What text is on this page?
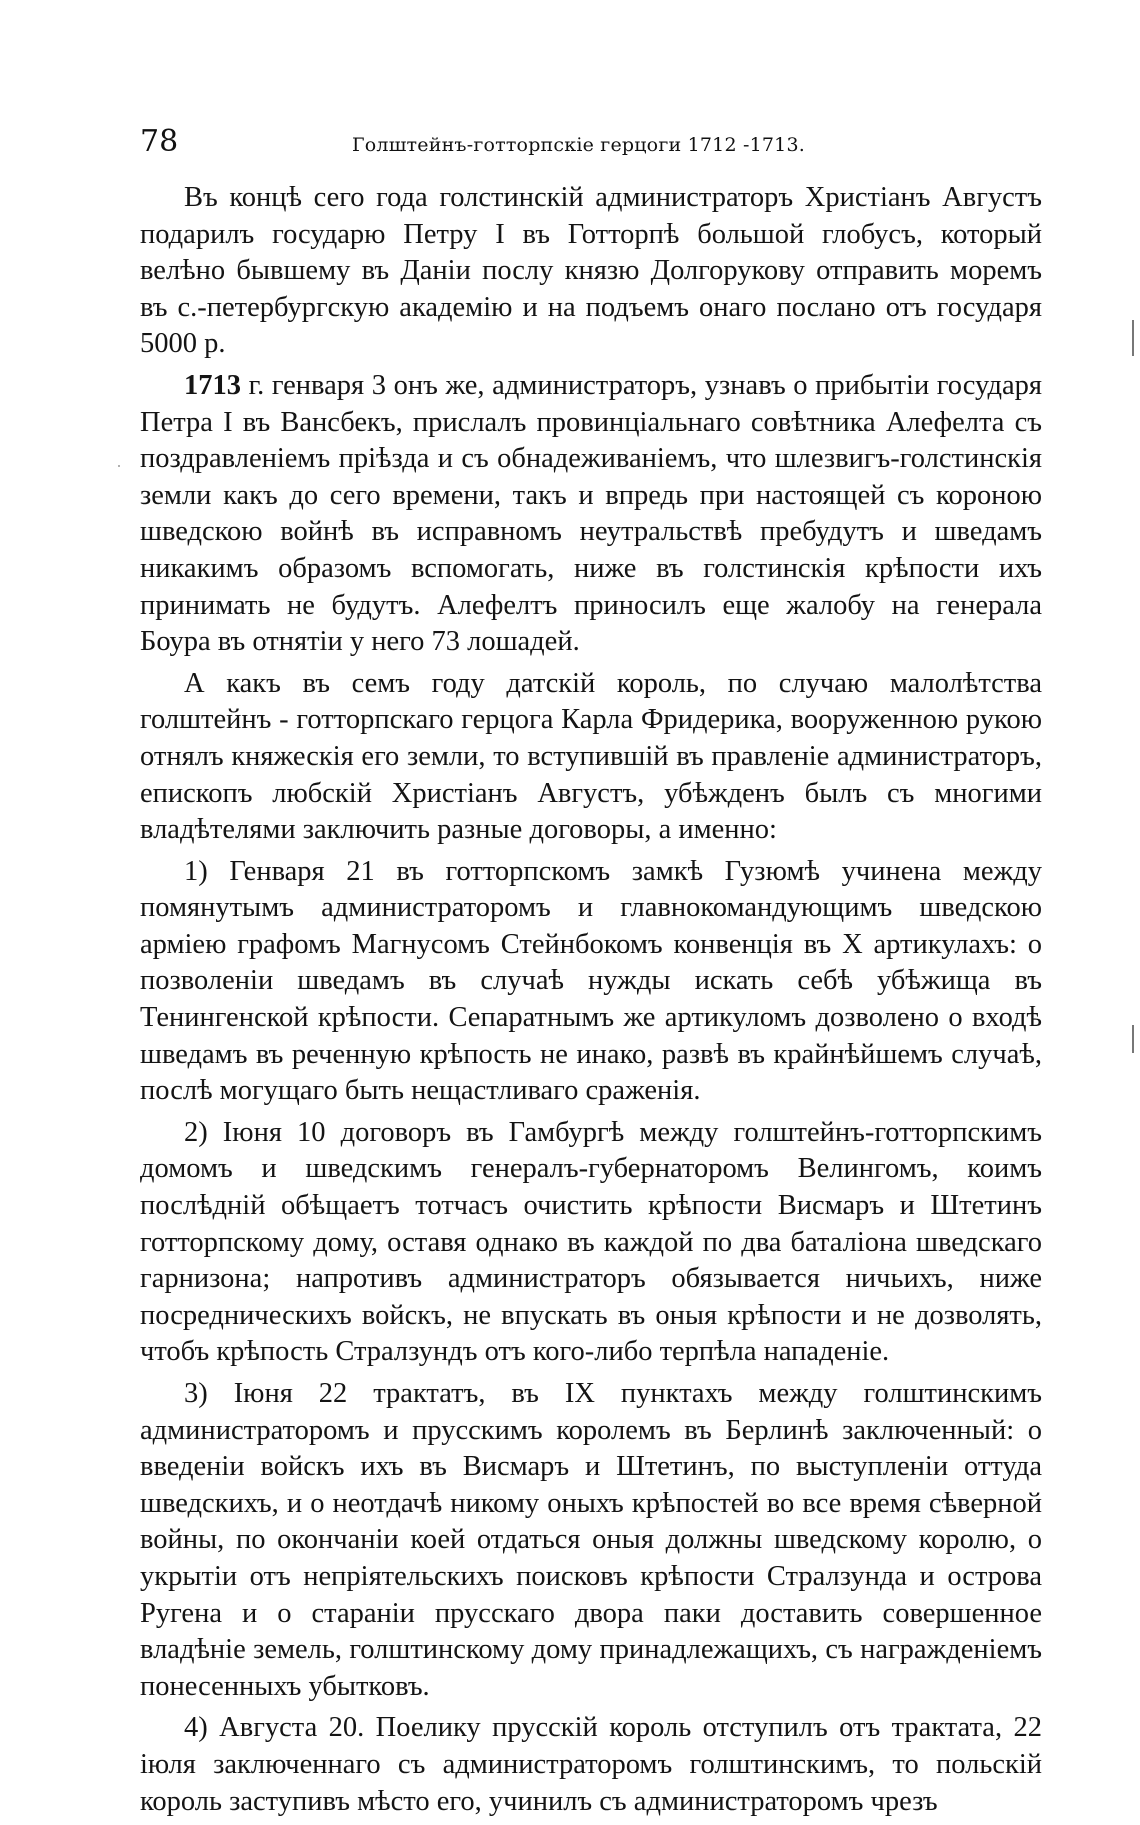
78	Голштейнъ-готторпскіе герцоги 1712 -1713.

Въ концѣ сего года голстинскій администраторъ Христіанъ Августъ подарилъ государю Петру I въ Готторпѣ большой глобусъ, который велѣно бывшему въ Даніи послу князю Долгорукову отправить моремъ въ с.-петербургскую академію и на подъемъ онаго послано отъ государя 5000 р.

1713 г. генваря 3 онъ же, администраторъ, узнавъ о прибытіи государя Петра I въ Вансбекъ, прислалъ провинціальнаго совѣтника Алефелта съ поздравленіемъ пріѣзда и съ обнадеживаніемъ, что шлезвигъ-голстинскія земли какъ до сего времени, такъ и впредь при настоящей съ короною шведскою войнѣ въ исправномъ неутральствѣ пребудутъ и шведамъ никакимъ образомъ вспомогать, ниже въ голстинскія крѣпости ихъ принимать не будутъ. Алефелтъ приносилъ еще жалобу на генерала Боура въ отнятіи у него 73 лошадей.

А какъ въ семъ году датскій король, по случаю малолѣтства голштейнъ - готторпскаго герцога Карла Фридерика, вооруженною рукою отнялъ княжескія его земли, то вступившій въ правленіе администраторъ, епископъ любскій Христіанъ Августъ, убѣжденъ былъ съ многими владѣтелями заключить разные договоры, а именно:

1) Генваря 21 въ готторпскомъ замкѣ Гузюмѣ учинена между помянутымъ администраторомъ и главнокомандующимъ шведскою арміею графомъ Магнусомъ Стейнбокомъ конвенція въ X артикулахъ: о позволеніи шведамъ въ случаѣ нужды искать себѣ убѣжища въ Тенингенской крѣпости. Сепаратнымъ же артикуломъ дозволено о входѣ шведамъ въ реченную крѣпость не инако, развѣ въ крайнѣйшемъ случаѣ, послѣ могущаго быть нещастливаго сраженія.

2) Іюня 10 договоръ въ Гамбургѣ между голштейнъ-готторпскимъ домомъ и шведскимъ генералъ-губернаторомъ Велингомъ, коимъ послѣдній обѣщаетъ тотчасъ очистить крѣпости Висмаръ и Штетинъ готторпскому дому, оставя однако въ каждой по два баталіона шведскаго гарнизона; напротивъ администраторъ обязывается ничьихъ, ниже посредническихъ войскъ, не впускать въ оныя крѣпости и не дозволять, чтобъ крѣпость Стралзундъ отъ кого-либо терпѣла нападеніе.

3) Іюня 22 трактатъ, въ IX пунктахъ между голштинскимъ администраторомъ и прусскимъ королемъ въ Берлинѣ заключенный: о введеніи войскъ ихъ въ Висмаръ и Штетинъ, по выступленіи оттуда шведскихъ, и о неотдачѣ никому оныхъ крѣпостей во все время сѣверной войны, по окончаніи коей отдаться оныя должны шведскому королю, о укрытіи отъ непріятельскихъ поисковъ крѣпости Стралзунда и острова Ругена и о стараніи прусскаго двора паки доставить совершенное владѣніе земель, голштинскому дому принадлежащихъ, съ награжденіемъ понесенныхъ убытковъ.

4) Августа 20. Поелику прусскій король отступилъ отъ трактата, 22 іюля заключеннаго съ администраторомъ голштинскимъ, то польскій король заступивъ мѣсто его, учинилъ съ администраторомъ чрезъ
